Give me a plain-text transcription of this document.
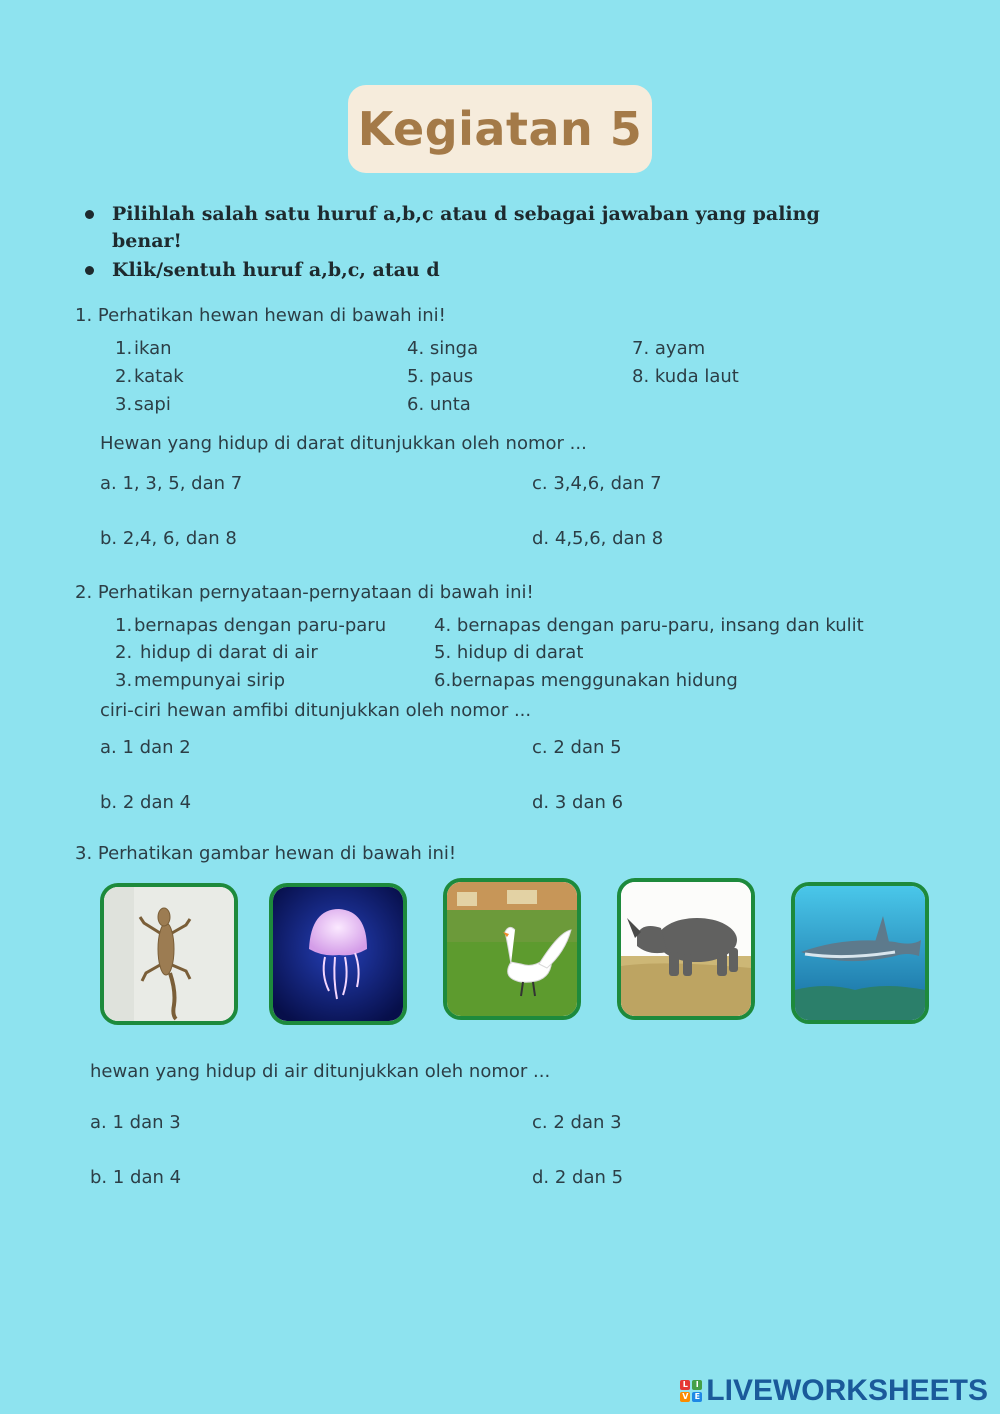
Kegiatan 5
Pilihlah salah satu huruf a,b,c atau d sebagai jawaban yang paling
benar!
Klik/sentuh huruf a,b,c, atau d
1. Perhatikan hewan hewan di bawah ini!
1. ikan
2. katak
3. sapi
4. singa
5. paus
6. unta
7. ayam
8. kuda laut
Hewan yang hidup di darat ditunjukkan oleh nomor ...
a. 1, 3, 5, dan 7	c. 3,4,6, dan 7
b. 2,4, 6, dan 8	d. 4,5,6, dan 8
2. Perhatikan pernyataan-pernyataan di bawah ini!
1. bernapas dengan paru-paru
2. hidup di darat di air
3. mempunyai sirip
4. bernapas dengan paru-paru, insang dan kulit
5. hidup di darat
6.bernapas menggunakan hidung
ciri-ciri hewan amfibi ditunjukkan oleh nomor ...
a. 1 dan 2	c. 2 dan 5
b. 2 dan 4	d. 3 dan 6
3. Perhatikan gambar hewan di bawah ini!
hewan yang hidup di air ditunjukkan oleh nomor ...
a. 1 dan 3	c. 2 dan 3
b. 1 dan 4	d. 2 dan 5
L I
V E LIVEWORKSHEETS
